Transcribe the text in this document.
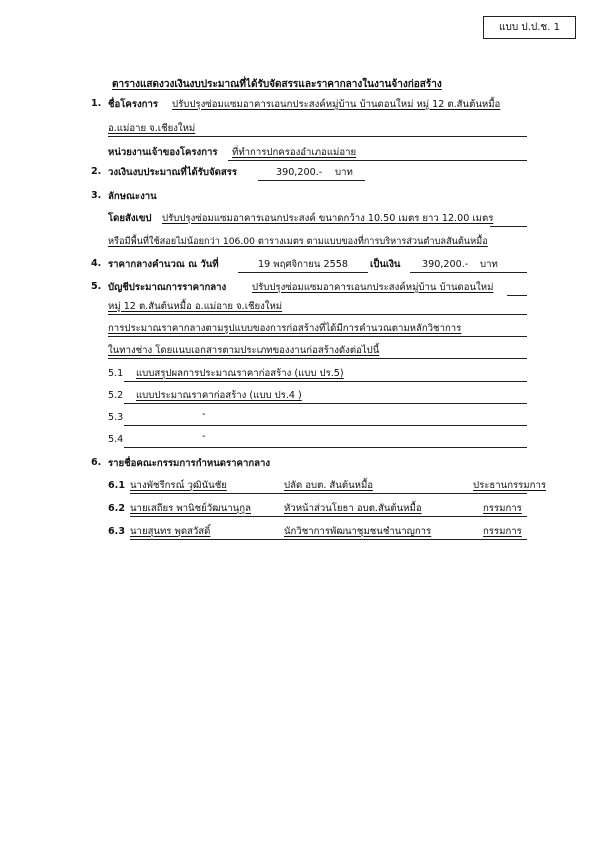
แบบ ป.ป.ช. 1
ตารางแสดงวงเงินงบประมาณที่ได้รับจัดสรรและราคากลางในงานจ้างก่อสร้าง
1. ชื่อโครงการ ปรับปรุงซ่อมแซมอาคารเอนกประสงค์หมู่บ้าน บ้านดอนใหม่ หมู่ 12 ต.สันต้นหมื้อ
อ.แม่อาย จ.เชียงใหม่
หน่วยงานเจ้าของโครงการ ที่ทำการปกครองอำเภอแม่อาย
2. วงเงินงบประมาณที่ได้รับจัดสรร	390,200.- บาท
3. ลักษณะงาน
โดยสังเขป ปรับปรุงซ่อมแซมอาคารเอนกประสงค์ ขนาดกว้าง 10.50 เมตร ยาว 12.00 เมตร
หรือมีพื้นที่ใช้สอยไม่น้อยกว่า 106.00 ตารางเมตร ตามแบบของที่การบริหารส่วนตำบลสันต้นหมื้อ
4. ราคากลางคำนวณ ณ วันที่	19 พฤศจิกายน 2558 เป็นเงิน 390,200.- บาท
5. บัญชีประมาณการราคากลาง	ปรับปรุงซ่อมแซมอาคารเอนกประสงค์หมู่บ้าน บ้านดอนใหม่
หมู่ 12 ต.สันต้นหมื้อ อ.แม่อาย จ.เชียงใหม่
การประมาณราคากลางตามรูปแบบของการก่อสร้างที่ได้มีการคำนวณตามหลักวิชาการ
ในทางช่าง โดยแนบเอกสารตามประเภทของงานก่อสร้างดังต่อไปนี้
5.1 แบบสรุปผลการประมาณราคาก่อสร้าง (แบบ ปร.5)
5.2 แบบประมาณราคาก่อสร้าง (แบบ ปร.4 )
5.3	-
5.4	-
6. รายชื่อคณะกรรมการกำหนดราคากลาง
6.1 นางพัชรีกรณ์ วุฒินันชัย	ปลัด อบต. สันต้นหมื้อ	ประธานกรรมการ
6.2 นายเสถียร พานิชย์วัฒนานุกูล	หัวหน้าส่วนโยธา อบต.สันต้นหมื้อ	กรรมการ
6.3 นายสุนทร พุดสวัสดิ์	นักวิชาการพัฒนาชุมชนชำนาญการ	กรรมการ
